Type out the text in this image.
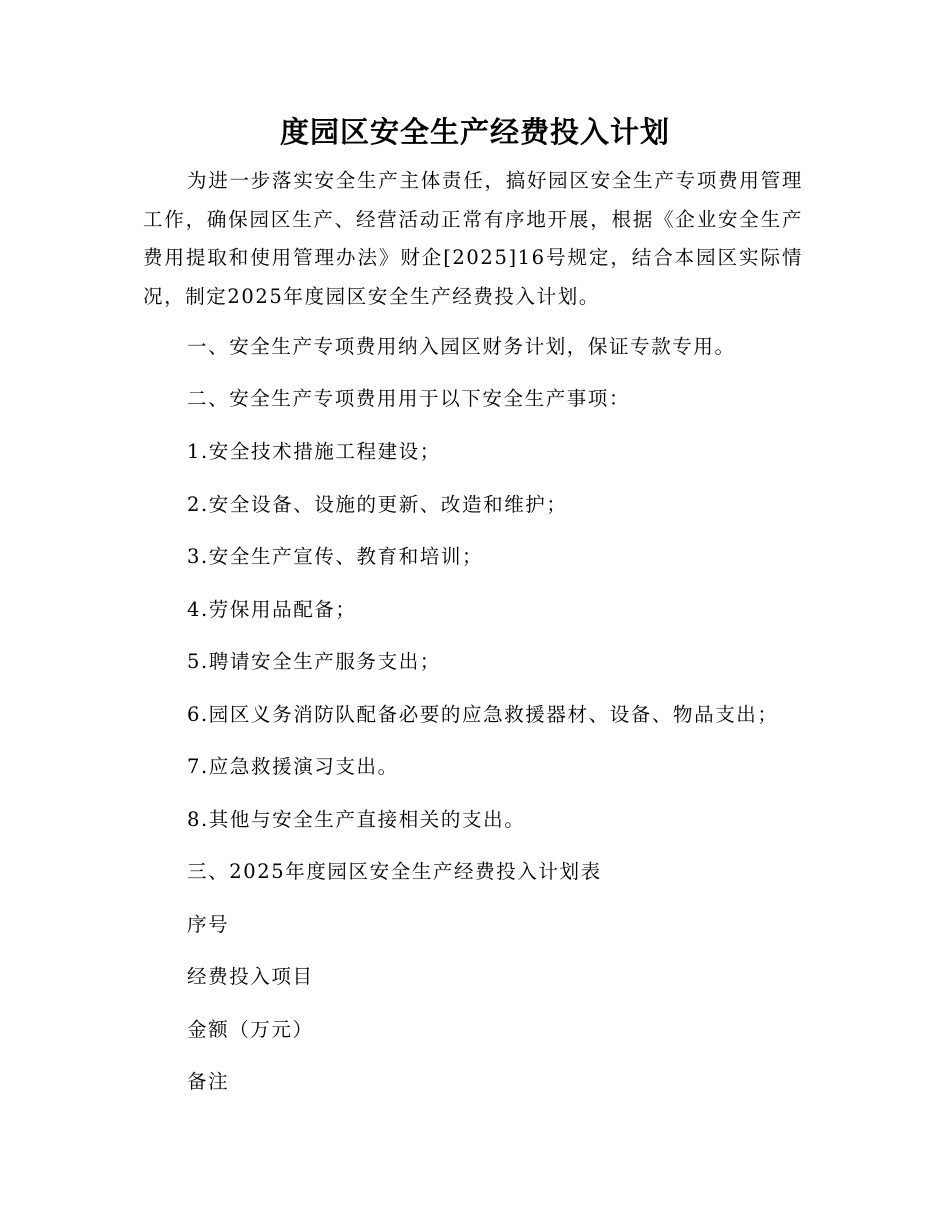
度园区安全生产经费投入计划

为进一步落实安全生产主体责任，搞好园区安全生产专项费用管理工作，确保园区生产、经营活动正常有序地开展，根据《企业安全生产费用提取和使用管理办法》财企[2025]16号规定，结合本园区实际情况，制定2025年度园区安全生产经费投入计划。

一、安全生产专项费用纳入园区财务计划，保证专款专用。
二、安全生产专项费用用于以下安全生产事项：
1.安全技术措施工程建设；
2.安全设备、设施的更新、改造和维护；
3.安全生产宣传、教育和培训；
4.劳保用品配备；
5.聘请安全生产服务支出；
6.园区义务消防队配备必要的应急救援器材、设备、物品支出；
7.应急救援演习支出。
8.其他与安全生产直接相关的支出。
三、2025年度园区安全生产经费投入计划表
序号
经费投入项目
金额（万元）
备注
